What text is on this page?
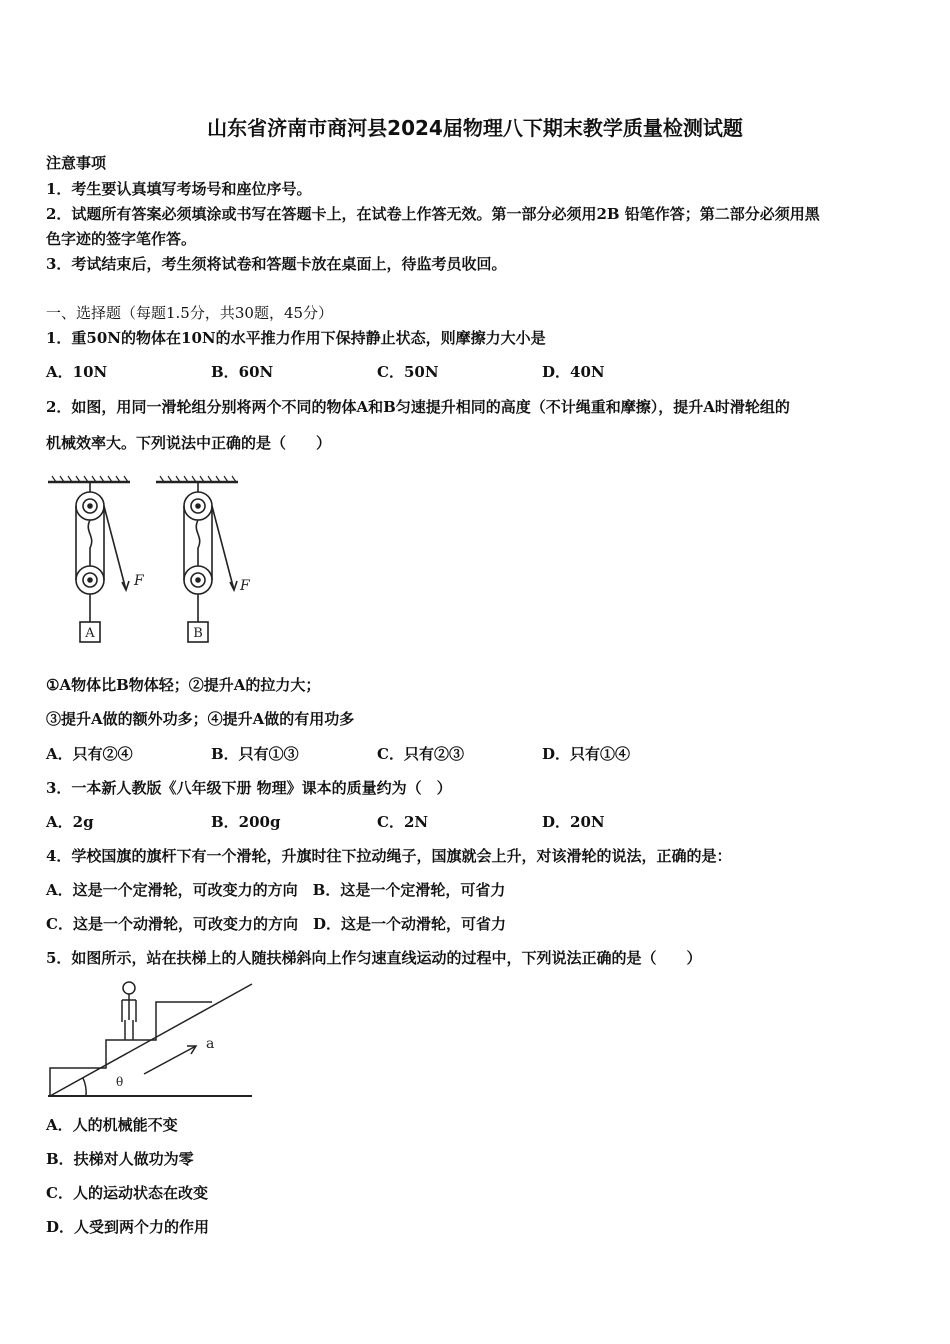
山东省济南市商河县2024届物理八下期末教学质量检测试题
注意事项
1．考生要认真填写考场号和座位序号。
2．试题所有答案必须填涂或书写在答题卡上，在试卷上作答无效。第一部分必须用2B 铅笔作答；第二部分必须用黑
色字迹的签字笔作答。
3．考试结束后，考生须将试卷和答题卡放在桌面上，待监考员收回。
一、选择题（每题1.5分，共30题，45分）
1．重50N的物体在10N的水平推力作用下保持静止状态，则摩擦力大小是
A．10N	B．60N	C．50N	D．40N
2．如图，用同一滑轮组分别将两个不同的物体A和B匀速提升相同的高度（不计绳重和摩擦），提升A时滑轮组的
机械效率大。下列说法中正确的是（　　）
A	B
F	F
①A物体比B物体轻；②提升A的拉力大；
③提升A做的额外功多；④提升A做的有用功多
A．只有②④	B．只有①③	C．只有②③	D．只有①④
3．一本新人教版《八年级下册 物理》课本的质量约为（　）
A．2g	B．200g	C．2N	D．20N
4．学校国旗的旗杆下有一个滑轮，升旗时往下拉动绳子，国旗就会上升，对该滑轮的说法，正确的是：
A．这是一个定滑轮，可改变力的方向　B．这是一个定滑轮，可省力
C．这是一个动滑轮，可改变力的方向　D．这是一个动滑轮，可省力
5．如图所示，站在扶梯上的人随扶梯斜向上作匀速直线运动的过程中，下列说法正确的是（　　）
a
θ
A．人的机械能不变
B．扶梯对人做功为零
C．人的运动状态在改变
D．人受到两个力的作用
